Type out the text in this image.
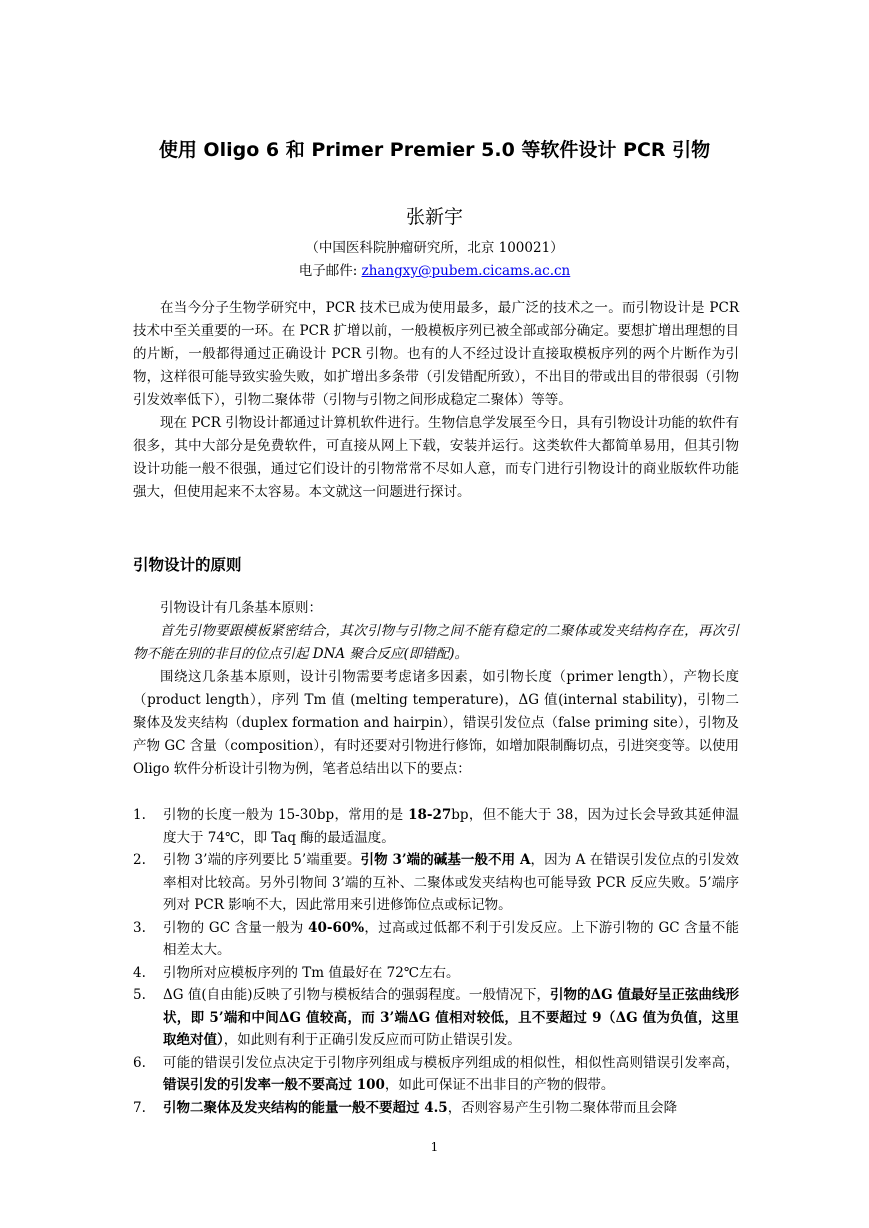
使用 Oligo 6 和 Primer Premier 5.0 等软件设计 PCR 引物
张新宇
（中国医科院肿瘤研究所，北京 100021）
电子邮件: zhangxy@pubem.cicams.ac.cn

在当今分子生物学研究中，PCR 技术已成为使用最多，最广泛的技术之一。而引物设计是 PCR 技术中至关重要的一环。在 PCR 扩增以前，一般模板序列已被全部或部分确定。要想扩增出理想的目的片断，一般都得通过正确设计 PCR 引物。也有的人不经过设计直接取模板序列的两个片断作为引物，这样很可能导致实验失败，如扩增出多条带（引发错配所致），不出目的带或出目的带很弱（引物引发效率低下），引物二聚体带（引物与引物之间形成稳定二聚体）等等。

现在 PCR 引物设计都通过计算机软件进行。生物信息学发展至今日，具有引物设计功能的软件有很多，其中大部分是免费软件，可直接从网上下载，安装并运行。这类软件大都简单易用，但其引物设计功能一般不很强，通过它们设计的引物常常不尽如人意，而专门进行引物设计的商业版软件功能强大，但使用起来不太容易。本文就这一问题进行探讨。

引物设计的原则

引物设计有几条基本原则：

首先引物要跟模板紧密结合，其次引物与引物之间不能有稳定的二聚体或发夹结构存在，再次引物不能在别的非目的位点引起 DNA 聚合反应(即错配)。

围绕这几条基本原则，设计引物需要考虑诸多因素，如引物长度（primer length），产物长度（product length），序列 Tm 值 (melting temperature)，ΔG 值(internal stability)，引物二聚体及发夹结构（duplex formation and hairpin），错误引发位点（false priming site），引物及产物 GC 含量（composition），有时还要对引物进行修饰，如增加限制酶切点，引进突变等。以使用 Oligo 软件分析设计引物为例，笔者总结出以下的要点：

1. 引物的长度一般为 15-30bp，常用的是 18-27bp，但不能大于 38，因为过长会导致其延伸温度大于 74℃，即 Taq 酶的最适温度。
2. 引物 3’端的序列要比 5’端重要。引物 3’端的碱基一般不用 A，因为 A 在错误引发位点的引发效率相对比较高。另外引物间 3’端的互补、二聚体或发夹结构也可能导致 PCR 反应失败。5’端序列对 PCR 影响不大，因此常用来引进修饰位点或标记物。
3. 引物的 GC 含量一般为 40-60%，过高或过低都不利于引发反应。上下游引物的 GC 含量不能相差太大。
4. 引物所对应模板序列的 Tm 值最好在 72℃左右。
5. ΔG 值(自由能)反映了引物与模板结合的强弱程度。一般情况下，引物的ΔG 值最好呈正弦曲线形状，即 5’端和中间ΔG 值较高，而 3’端ΔG 值相对较低，且不要超过 9（ΔG 值为负值，这里取绝对值），如此则有利于正确引发反应而可防止错误引发。
6. 可能的错误引发位点决定于引物序列组成与模板序列组成的相似性，相似性高则错误引发率高，错误引发的引发率一般不要高过 100，如此可保证不出非目的产物的假带。
7. 引物二聚体及发夹结构的能量一般不要超过 4.5，否则容易产生引物二聚体带而且会降
1
